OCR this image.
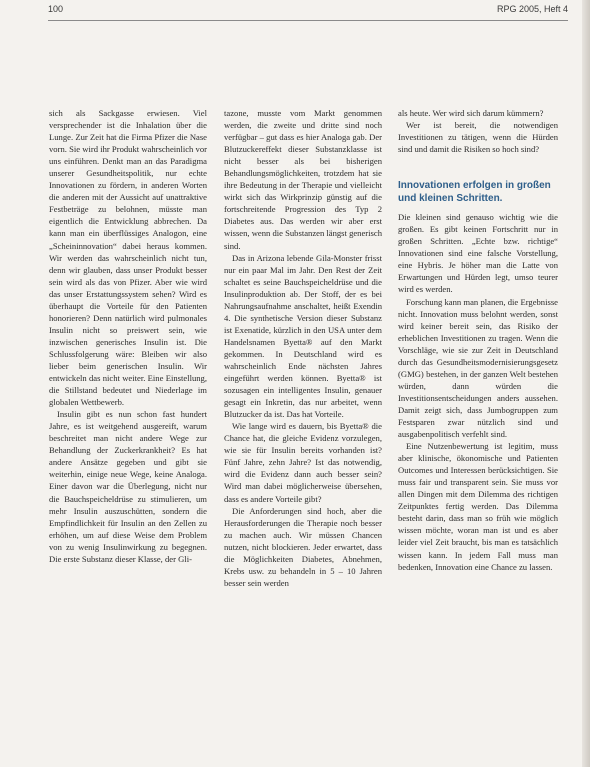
100	RPG 2005, Heft 4

sich als Sackgasse erwiesen. Viel versprechender ist die Inhalation über die Lunge. Zur Zeit hat die Firma Pfizer die Nase vorn. Sie wird ihr Produkt wahrscheinlich vor uns einführen. Denkt man an das Paradigma unserer Gesundheitspolitik, nur echte Innovationen zu fördern, in anderen Worten die anderen mit der Aussicht auf unattraktive Festbeträge zu belohnen, müsste man eigentlich die Entwicklung abbrechen. Da kann man ein überflüssiges Analogon, eine „Scheininnovation“ dabei heraus kommen. Wir werden das wahrscheinlich nicht tun, denn wir glauben, dass unser Produkt besser sein wird als das von Pfizer. Aber wie wird das unser Erstattungssystem sehen? Wird es überhaupt die Vorteile für den Patienten honorieren? Denn natürlich wird pulmonales Insulin nicht so preiswert sein, wie inzwischen generisches Insulin ist. Die Schlussfolgerung wäre: Bleiben wir also lieber beim generischen Insulin. Wir entwickeln das nicht weiter. Eine Einstellung, die Stillstand bedeutet und Niederlage im globalen Wettbewerb.

Insulin gibt es nun schon fast hundert Jahre, es ist weitgehend ausgereift, warum beschreitet man nicht andere Wege zur Behandlung der Zuckerkrankheit? Es hat andere Ansätze gegeben und gibt sie weiterhin, einige neue Wege, keine Analoga. Einer davon war die Überlegung, nicht nur die Bauchspeicheldrüse zu stimulieren, um mehr Insulin auszuschütten, sondern die Empfindlichkeit für Insulin an den Zellen zu erhöhen, um auf diese Weise dem Problem von zu wenig Insulinwirkung zu begegnen. Die erste Substanz dieser Klasse, der Gli-

tazone, musste vom Markt genommen werden, die zweite und dritte sind noch verfügbar – gut dass es hier Analoga gab. Der Blutzuckereffekt dieser Substanzklasse ist nicht besser als bei bisherigen Behandlungsmöglichkeiten, trotzdem hat sie ihre Bedeutung in der Therapie und vielleicht wirkt sich das Wirkprinzip günstig auf die fortschreitende Progression des Typ 2 Diabetes aus. Das werden wir aber erst wissen, wenn die Substanzen längst generisch sind.

Das in Arizona lebende Gila-Monster frisst nur ein paar Mal im Jahr. Den Rest der Zeit schaltet es seine Bauchspeicheldrüse und die Insulinproduktion ab. Der Stoff, der es bei Nahrungsaufnahme anschaltet, heißt Exendin 4. Die synthetische Version dieser Substanz ist Exenatide, kürzlich in den USA unter dem Handelsnamen Byetta® auf den Markt gekommen. In Deutschland wird es wahrscheinlich Ende nächsten Jahres eingeführt werden können. Byetta® ist sozusagen ein intelligentes Insulin, genauer gesagt ein Inkretin, das nur arbeitet, wenn Blutzucker da ist. Das hat Vorteile.

Wie lange wird es dauern, bis Byetta® die Chance hat, die gleiche Evidenz vorzulegen, wie sie für Insulin bereits vorhanden ist? Fünf Jahre, zehn Jahre? Ist das notwendig, wird die Evidenz dann auch besser sein? Wird man dabei möglicherweise übersehen, dass es andere Vorteile gibt?

Die Anforderungen sind hoch, aber die Herausforderungen die Therapie noch besser zu machen auch. Wir müssen Chancen nutzen, nicht blockieren. Jeder erwartet, dass die Möglichkeiten Diabetes, Abnehmen, Krebs usw. zu behandeln in 5 – 10 Jahren besser sein werden

als heute. Wer wird sich darum kümmern?

Wer ist bereit, die notwendigen Investitionen zu tätigen, wenn die Hürden sind und damit die Risiken so hoch sind?

Innovationen erfolgen in großen und kleinen Schritten.

Die kleinen sind genauso wichtig wie die großen. Es gibt keinen Fortschritt nur in großen Schritten. „Echte bzw. richtige“ Innovationen sind eine falsche Vorstellung, eine Hybris. Je höher man die Latte von Erwartungen und Hürden legt, umso teurer wird es werden.

Forschung kann man planen, die Ergebnisse nicht. Innovation muss belohnt werden, sonst wird keiner bereit sein, das Risiko der erheblichen Investitionen zu tragen. Wenn die Vorschläge, wie sie zur Zeit in Deutschland durch das Gesundheitsmodernisierungsgesetz (GMG) bestehen, in der ganzen Welt bestehen würden, dann würden die Investitionsentscheidungen anders aussehen. Damit zeigt sich, dass Jumbogruppen zum Festsparen zwar nützlich sind und ausgabenpolitisch verfehlt sind.

Eine Nutzenbewertung ist legitim, muss aber klinische, ökonomische und Patienten Outcomes und Interessen berücksichtigen. Sie muss fair und transparent sein. Sie muss vor allen Dingen mit dem Dilemma des richtigen Zeitpunktes fertig werden. Das Dilemma besteht darin, dass man so früh wie möglich wissen möchte, woran man ist und es aber leider viel Zeit braucht, bis man es tatsächlich wissen kann. In jedem Fall muss man bedenken, Innovation eine Chance zu lassen.
